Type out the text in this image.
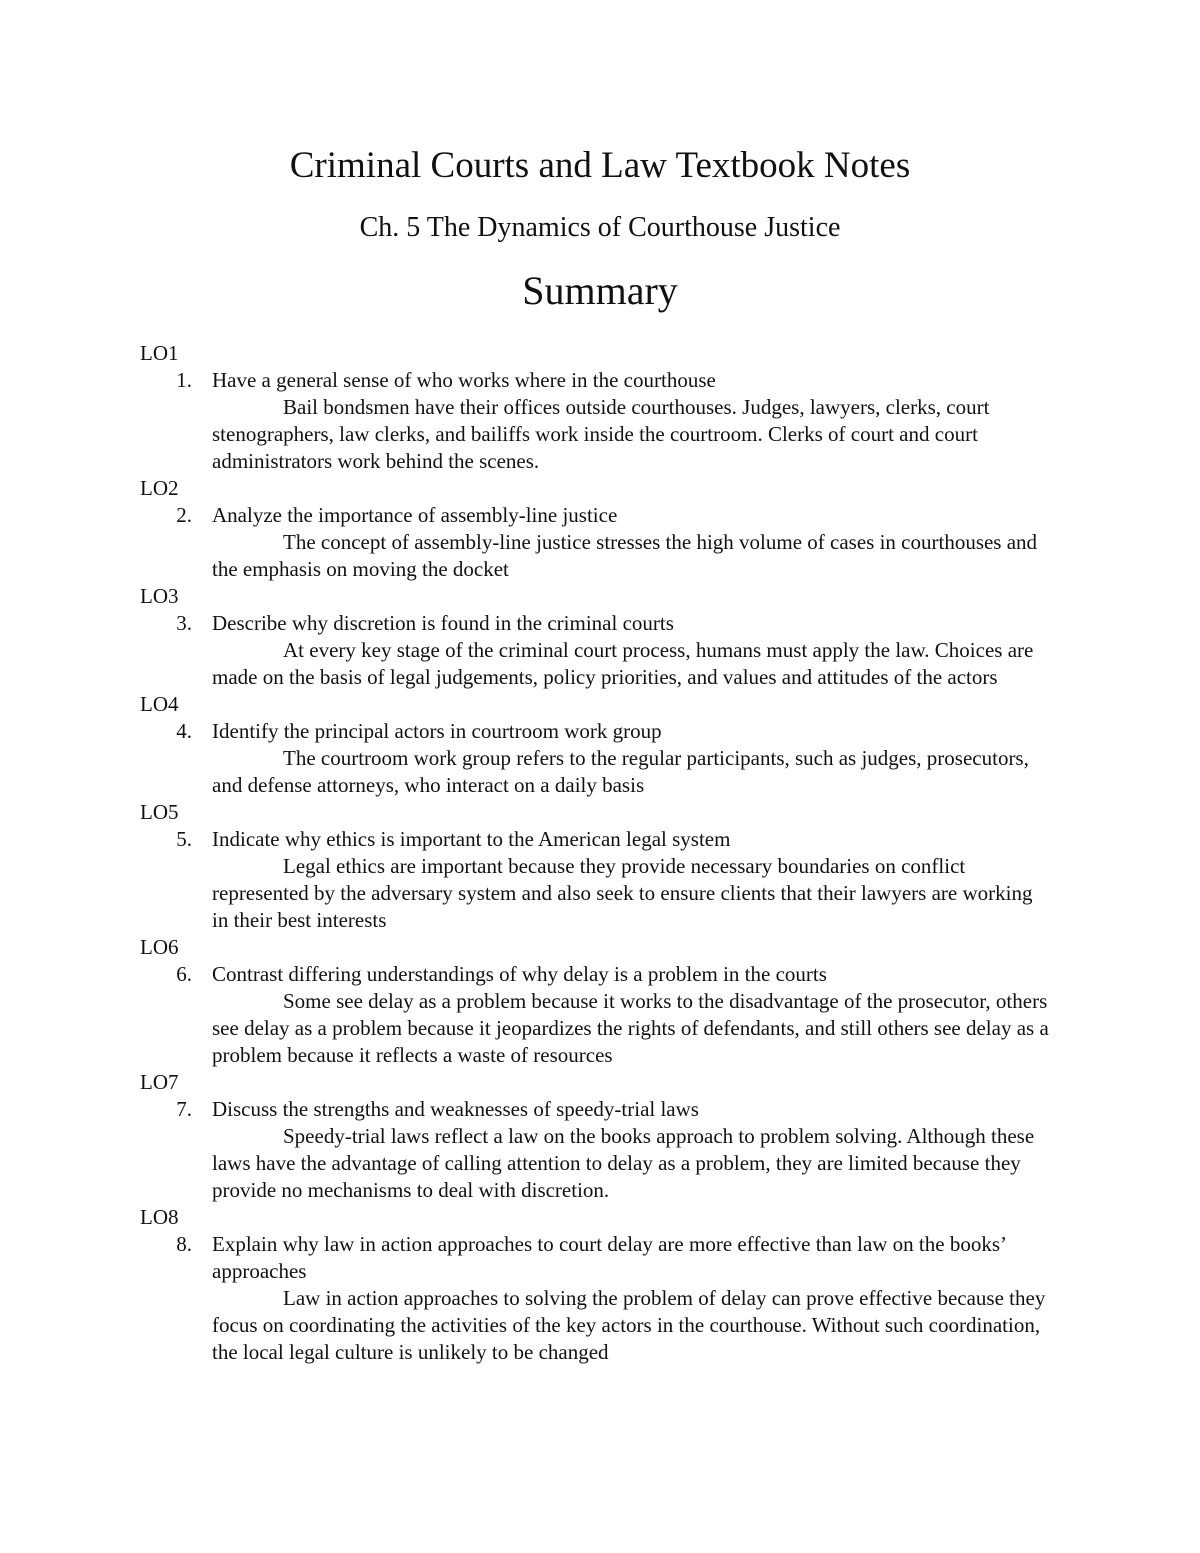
Criminal Courts and Law Textbook Notes
Ch. 5 The Dynamics of Courthouse Justice
Summary
LO1
1. Have a general sense of who works where in the courthouse
Bail bondsmen have their offices outside courthouses. Judges, lawyers, clerks, court stenographers, law clerks, and bailiffs work inside the courtroom. Clerks of court and court administrators work behind the scenes.
LO2
2. Analyze the importance of assembly-line justice
The concept of assembly-line justice stresses the high volume of cases in courthouses and the emphasis on moving the docket
LO3
3. Describe why discretion is found in the criminal courts
At every key stage of the criminal court process, humans must apply the law. Choices are made on the basis of legal judgements, policy priorities, and values and attitudes of the actors
LO4
4. Identify the principal actors in courtroom work group
The courtroom work group refers to the regular participants, such as judges, prosecutors, and defense attorneys, who interact on a daily basis
LO5
5. Indicate why ethics is important to the American legal system
Legal ethics are important because they provide necessary boundaries on conflict represented by the adversary system and also seek to ensure clients that their lawyers are working in their best interests
LO6
6. Contrast differing understandings of why delay is a problem in the courts
Some see delay as a problem because it works to the disadvantage of the prosecutor, others see delay as a problem because it jeopardizes the rights of defendants, and still others see delay as a problem because it reflects a waste of resources
LO7
7. Discuss the strengths and weaknesses of speedy-trial laws
Speedy-trial laws reflect a law on the books approach to problem solving. Although these laws have the advantage of calling attention to delay as a problem, they are limited because they provide no mechanisms to deal with discretion.
LO8
8. Explain why law in action approaches to court delay are more effective than law on the books’ approaches
Law in action approaches to solving the problem of delay can prove effective because they focus on coordinating the activities of the key actors in the courthouse. Without such coordination, the local legal culture is unlikely to be changed
